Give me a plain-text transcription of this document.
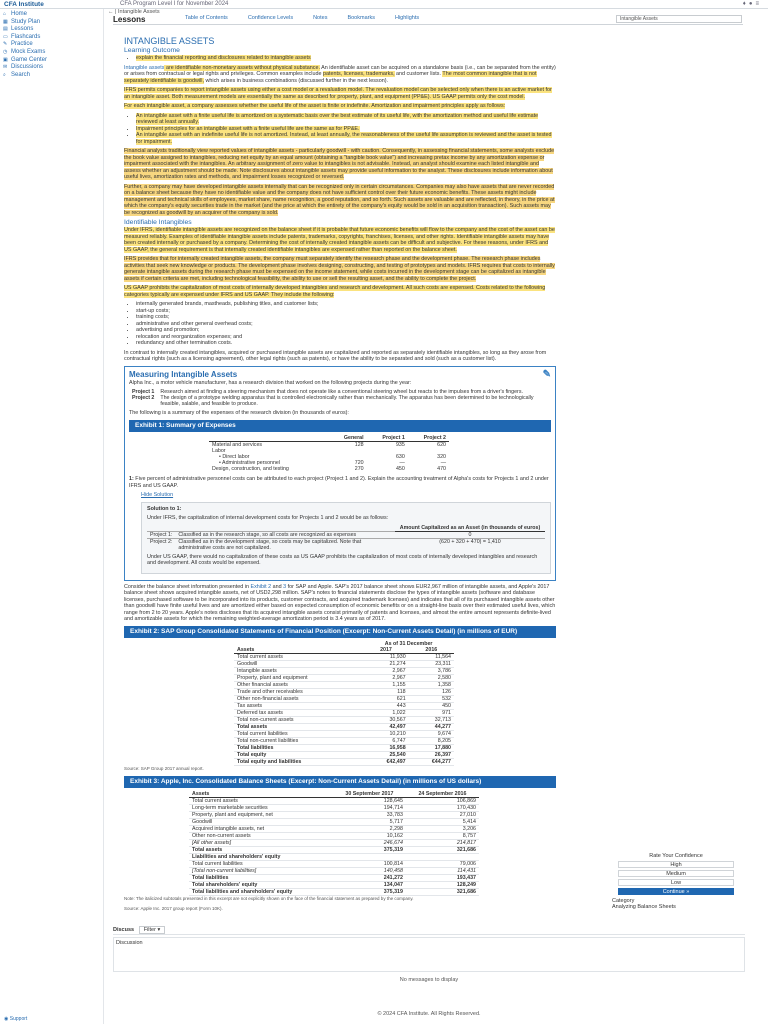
CFA Institute	CFA Program Level I for November 2024	♦●≡
⌂ Home
▦ Study Plan
▤ Lessons
▭ Flashcards
✎ Practice
◷ Mock Exams
▣ Game Center
✉ Discussions
⌕ Search
◉ Support
← | Intangible Assets
Lessons	Table of Contents	Confidence Levels	Notes	Bookmarks	Highlights	Intangible Assets
INTANGIBLE ASSETS
Learning Outcome
• explain the financial reporting and disclosures related to intangible assets

Intangible assets are identifiable non-monetary assets without physical substance. An identifiable asset can be acquired on a standalone basis (i.e., can be separated from the entity) or arises from contractual or legal rights and privileges. Common examples include patents, licenses, trademarks, and customer lists. The most common intangible that is not separately identifiable is goodwill, which arises in business combinations (discussed further in the next lesson).

IFRS permits companies to report intangible assets using either a cost model or a revaluation model. The revaluation model can be selected only when there is an active market for an intangible asset. Both measurement models are essentially the same as described for property, plant, and equipment (PP&E). US GAAP permits only the cost model.

For each intangible asset, a company assesses whether the useful life of the asset is finite or indefinite. Amortization and impairment principles apply as follows:

• An intangible asset with a finite useful life is amortized on a systematic basis over the best estimate of its useful life, with the amortization method and useful life estimate reviewed at least annually.
• Impairment principles for an intangible asset with a finite useful life are the same as for PP&E.
• An intangible asset with an indefinite useful life is not amortized. Instead, at least annually, the reasonableness of the useful life assumption is reviewed and the asset is tested for impairment.

Financial analysts traditionally view reported values of intangible assets - particularly goodwill - with caution. Consequently, in assessing financial statements, some analysts exclude the book value assigned to intangibles, reducing net equity by an equal amount (obtaining a "tangible book value") and increasing pretax income by any amortization expense or impairment associated with the intangibles. An arbitrary assignment of zero value to intangibles is not advisable. Instead, an analyst should examine each listed intangible and assess whether an adjustment should be made. Note disclosures about intangible assets may provide useful information to the analyst. These disclosures include information about useful lives, amortization rates and methods, and impairment losses recognized or reversed.

Further, a company may have developed intangible assets internally that can be recognized only in certain circumstances. Companies may also have assets that are never recorded on a balance sheet because they have no identifiable value and the company does not have sufficient control over their future economic benefits. These assets might include management and technical skills of employees, market share, name recognition, a good reputation, and so forth. Such assets are valuable and are reflected, in theory, in the price at which the company's equity securities trade in the market (and the price at which the entirety of the company's equity would be sold in an acquisition transaction). Such assets may be recognized as goodwill by an acquirer of the company is sold.

Identifiable Intangibles

Under IFRS, identifiable intangible assets are recognized on the balance sheet if it is probable that future economic benefits will flow to the company and the cost of the asset can be measured reliably. Examples of identifiable intangible assets include patents, trademarks, copyrights, franchises, licenses, and other rights. Identifiable intangible assets may have been created internally or purchased by a company. Determining the cost of internally created intangible assets can be difficult and subjective. For these reasons, under IFRS and US GAAP, the general requirement is that internally created identifiable intangibles are expensed rather than reported on the balance sheet.

IFRS provides that for internally created intangible assets, the company must separately identify the research phase and the development phase. The research phase includes activities that seek new knowledge or products. The development phase involves designing, constructing, and testing of prototypes and models. IFRS requires that costs to internally generate intangible assets during the research phase must be expensed on the income statement, while costs incurred in the development stage can be capitalized as intangible assets if certain criteria are met, including technological feasibility, the ability to use or sell the resulting asset, and the ability to complete the project.

US GAAP prohibits the capitalization of most costs of internally developed intangibles and research and development. All such costs are expensed. Costs related to the following categories typically are expensed under IFRS and US GAAP. They include the following:

• internally generated brands, mastheads, publishing titles, and customer lists;
• start-up costs;
• training costs;
• administrative and other general overhead costs;
• advertising and promotion;
• relocation and reorganization expenses; and
• redundancy and other termination costs.

In contrast to internally created intangibles, acquired or purchased intangible assets are capitalized and reported as separately identifiable intangibles, so long as they arose from contractual rights (such as a licensing agreement), other legal rights (such as patents), or have the ability to be separated and sold (such as a customer list).

Measuring Intangible Assets	✎

Alpha Inc., a motor vehicle manufacturer, has a research division that worked on the following projects during the year:

Project 1	Research aimed at finding a steering mechanism that does not operate like a conventional steering wheel but reacts to the impulses from a driver's fingers.
Project 2	The design of a prototype welding apparatus that is controlled electronically rather than mechanically. The apparatus has been determined to be technologically feasible, salable, and feasible to produce.

The following is a summary of the expenses of the research division (in thousands of euros):

Exhibit 1: Summary of Expenses
	General	Project 1	Project 2
Material and services	128	935	620
Labor			
• Direct labor		630	320
• Administrative personnel	720	—	—
Design, construction, and testing	270	450	470

1: Five percent of administrative personnel costs can be attributed to each project (Project 1 and 2). Explain the accounting treatment of Alpha's costs for Projects 1 and 2 under IFRS and US GAAP.

Hide Solution

Solution to 1:

Under IFRS, the capitalization of internal development costs for Projects 1 and 2 would be as follows:

		Amount Capitalized as an Asset (in thousands of euros)
Project 1:	Classified as in the research stage, so all costs are recognized as expenses	0
Project 2:	Classified as in the development stage, so costs may be capitalized. Note that administrative costs are not capitalized.	(620 + 320 + 470) = 1,410

Under US GAAP, there would no capitalization of these costs as US GAAP prohibits the capitalization of most costs of internally developed intangibles and research and development. All costs would be expensed.

Consider the balance sheet information presented in Exhibit 2 and 3 for SAP and Apple. SAP's 2017 balance sheet shows EUR2,967 million of intangible assets, and Apple's 2017 balance sheet shows acquired intangible assets, net of USD2,298 million. SAP's notes to financial statements disclose the types of intangible assets (software and database licenses, purchased software to be incorporated into its products, customer contracts, and acquired trademark licenses) and indicates that all of its purchased intangible assets other than goodwill have finite useful lives and are amortized either based on expected consumption of economic benefits or on a straight-line basis over their estimated useful lives, which range from 2 to 20 years. Apple's notes discloses that its acquired intangible assets consist primarily of patents and licenses, and almost the entire amount represents definite-lived and amortizable assets for which the remaining weighted-average amortization period is 3.4 years as of 2017.

Exhibit 2: SAP Group Consolidated Statements of Financial Position (Excerpt: Non-Current Assets Detail) (in millions of EUR)
	As of 31 December	
Assets	2017	2016
Total current assets	11,930	11,564
Goodwill	21,274	23,311
Intangible assets	2,967	3,786
Property, plant and equipment	2,967	2,580
Other financial assets	1,155	1,358
Trade and other receivables	118	126
Other non-financial assets	621	532
Tax assets	443	450
Deferred tax assets	1,022	971
Total non-current assets	30,567	32,713
Total assets	42,497	44,277
Total current liabilities	10,210	9,674
Total non-current liabilities	6,747	8,205
Total liabilities	16,958	17,880
Total equity	25,540	26,397
Total equity and liabilities	€42,497	€44,277

Source: SAP Group 2017 annual report.

Exhibit 3: Apple, Inc. Consolidated Balance Sheets (Excerpt: Non-Current Assets Detail) (in millions of US dollars)
Assets	30 September 2017	24 September 2016
Total current assets	128,645	106,869
Long-term marketable securities	194,714	170,430
Property, plant and equipment, net	33,783	27,010
Goodwill	5,717	5,414
Acquired intangible assets, net	2,298	3,206
Other non-current assets	10,162	8,757
[All other assets]	246,674	214,817
Total assets	375,319	321,686
Liabilities and shareholders' equity		
Total current liabilities	100,814	79,006
[Total non-current liabilities]	140,458	114,431
Total liabilities	241,272	193,437
Total shareholders' equity	134,047	128,249
Total liabilities and shareholders' equity	375,319	321,686

Note: The italicized subtotals presented in this excerpt are not explicitly shown on the face of the financial statement as prepared by the company.

Source: Apple Inc. 2017 group report (Form 10K).

Rate Your Confidence
High
Medium
Low
Continue »
Category
Analyzing Balance Sheets
Discuss Filter ▾
Discussion
No messages to display
© 2024 CFA Institute. All Rights Reserved.
